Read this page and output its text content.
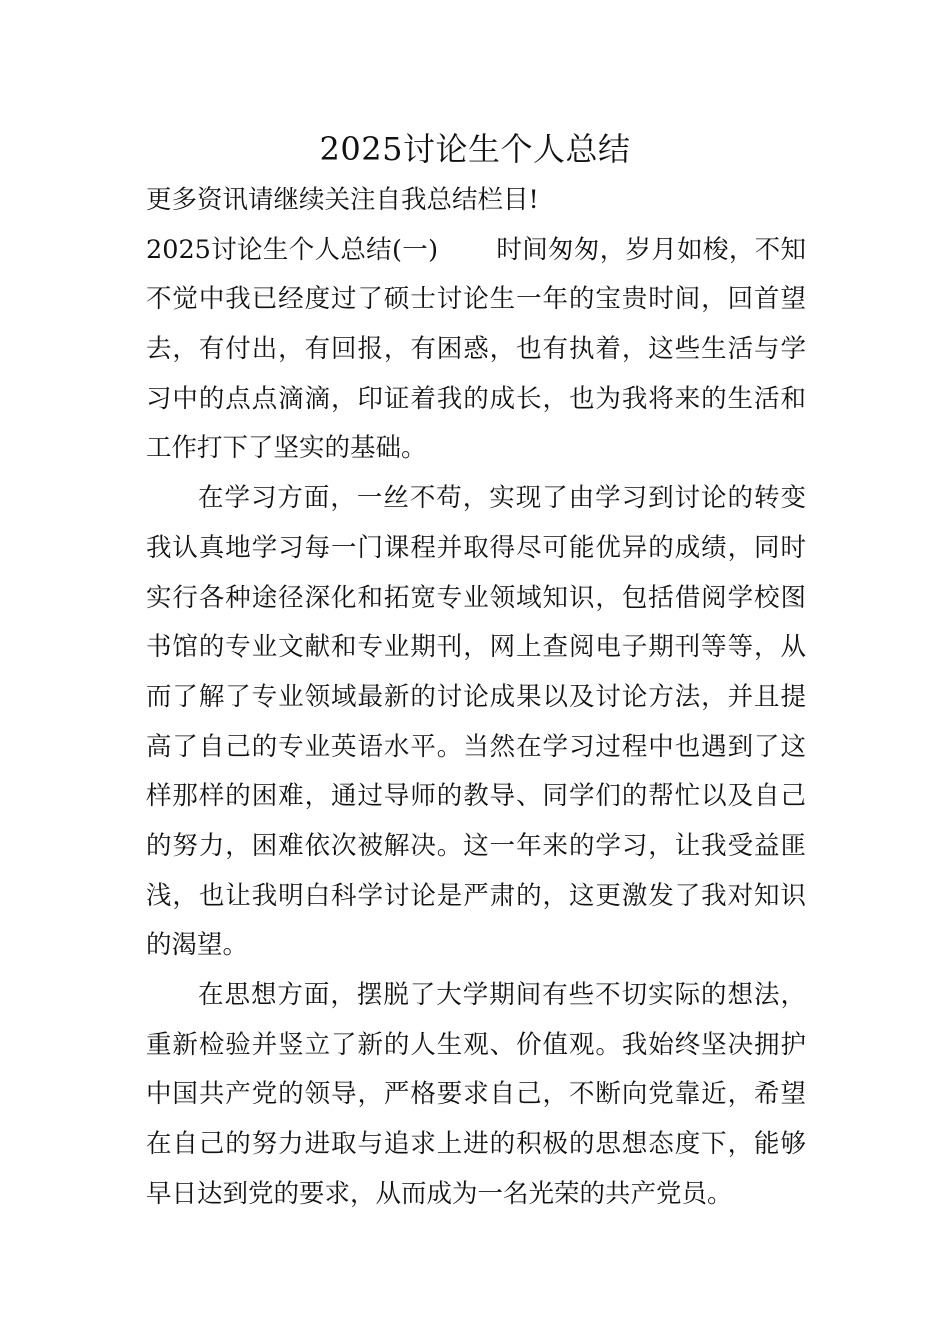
2025讨论生个人总结
更多资讯请继续关注自我总结栏目!
2025讨论生个人总结(一) 时间匆匆，岁月如梭，不知
不觉中我已经度过了硕士讨论生一年的宝贵时间，回首望
去，有付出，有回报，有困惑，也有执着，这些生活与学
习中的点点滴滴，印证着我的成长，也为我将来的生活和
工作打下了坚实的基础。
在学习方面，一丝不苟，实现了由学习到讨论的转变
我认真地学习每一门课程并取得尽可能优异的成绩，同时
实行各种途径深化和拓宽专业领域知识，包括借阅学校图
书馆的专业文献和专业期刊，网上查阅电子期刊等等，从
而了解了专业领域最新的讨论成果以及讨论方法，并且提
高了自己的专业英语水平。当然在学习过程中也遇到了这
样那样的困难，通过导师的教导、同学们的帮忙以及自己
的努力，困难依次被解决。这一年来的学习，让我受益匪
浅，也让我明白科学讨论是严肃的，这更激发了我对知识
的渴望。
在思想方面，摆脱了大学期间有些不切实际的想法，
重新检验并竖立了新的人生观、价值观。我始终坚决拥护
中国共产党的领导，严格要求自己，不断向党靠近，希望
在自己的努力进取与追求上进的积极的思想态度下，能够
早日达到党的要求，从而成为一名光荣的共产党员。
